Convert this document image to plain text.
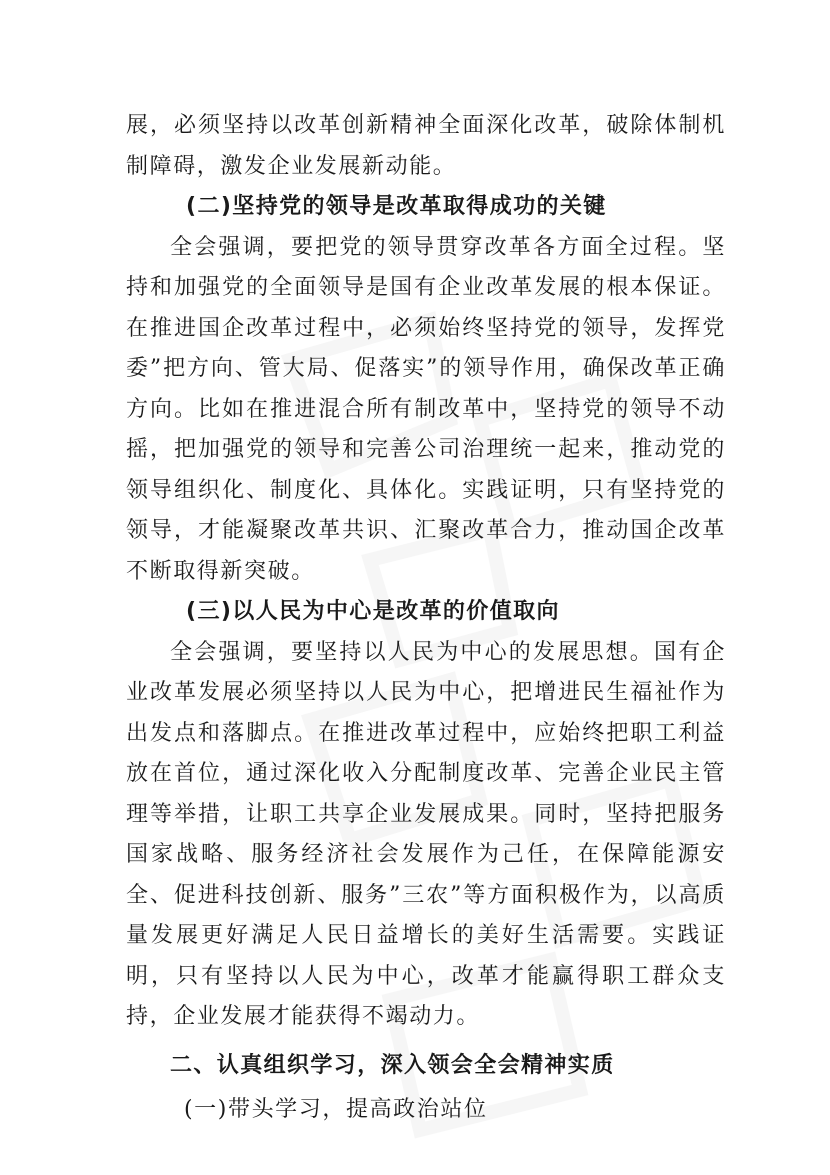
展，必须坚持以改革创新精神全面深化改革，破除体制机制障碍，激发企业发展新动能。

(二)坚持党的领导是改革取得成功的关键

全会强调，要把党的领导贯穿改革各方面全过程。坚持和加强党的全面领导是国有企业改革发展的根本保证。在推进国企改革过程中，必须始终坚持党的领导，发挥党委”把方向、管大局、促落实”的领导作用，确保改革正确方向。比如在推进混合所有制改革中，坚持党的领导不动摇，把加强党的领导和完善公司治理统一起来，推动党的领导组织化、制度化、具体化。实践证明，只有坚持党的领导，才能凝聚改革共识、汇聚改革合力，推动国企改革不断取得新突破。

(三)以人民为中心是改革的价值取向

全会强调，要坚持以人民为中心的发展思想。国有企业改革发展必须坚持以人民为中心，把增进民生福祉作为出发点和落脚点。在推进改革过程中，应始终把职工利益放在首位，通过深化收入分配制度改革、完善企业民主管理等举措，让职工共享企业发展成果。同时，坚持把服务国家战略、服务经济社会发展作为己任，在保障能源安全、促进科技创新、服务”三农”等方面积极作为，以高质量发展更好满足人民日益增长的美好生活需要。实践证明，只有坚持以人民为中心，改革才能赢得职工群众支持，企业发展才能获得不竭动力。

二、认真组织学习，深入领会全会精神实质

(一)带头学习，提高政治站位
